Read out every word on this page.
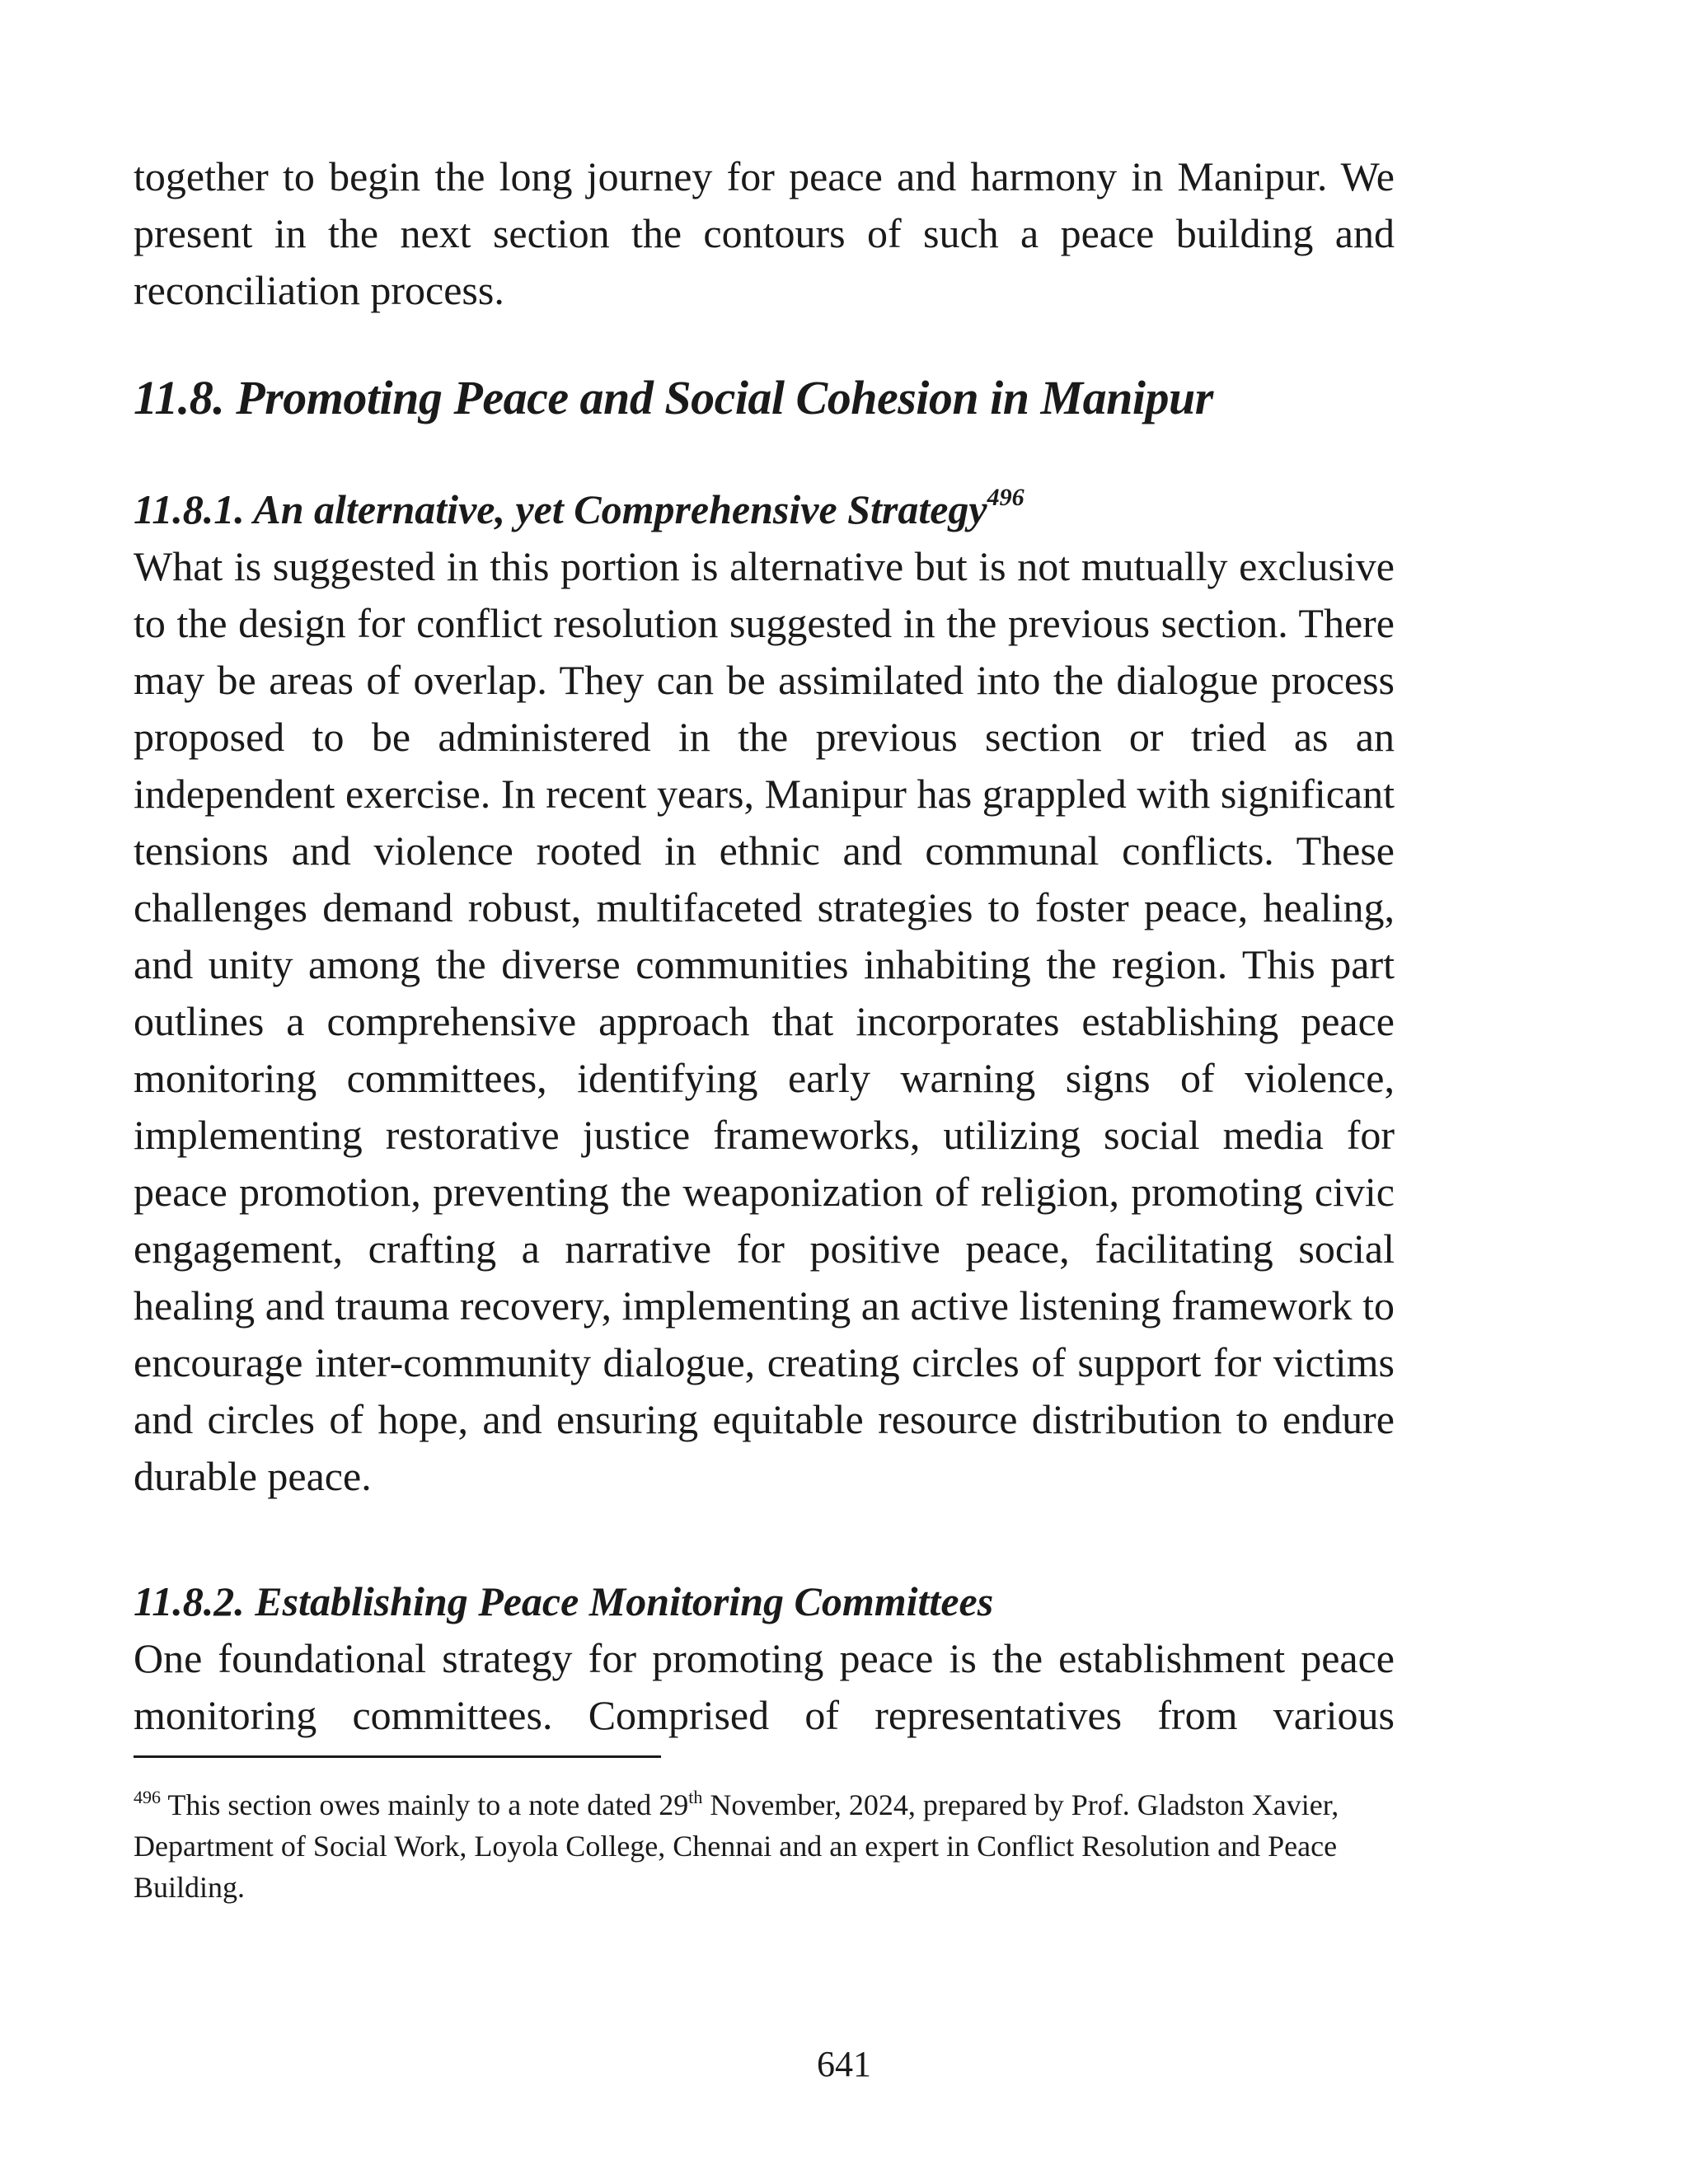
together to begin the long journey for peace and harmony in Manipur. We present in the next section the contours of such a peace building and reconciliation process.

11.8. Promoting Peace and Social Cohesion in Manipur
11.8.1. An alternative, yet Comprehensive Strategy$^{496}$

What is suggested in this portion is alternative but is not mutually exclusive to the design for conflict resolution suggested in the previous section. There may be areas of overlap. They can be assimilated into the dialogue process proposed to be administered in the previous section or tried as an independent exercise. In recent years, Manipur has grappled with significant tensions and violence rooted in ethnic and communal conflicts. These challenges demand robust, multifaceted strategies to foster peace, healing, and unity among the diverse communities inhabiting the region. This part outlines a comprehensive approach that incorporates establishing peace monitoring committees, identifying early warning signs of violence, implementing restorative justice frameworks, utilizing social media for peace promotion, preventing the weaponization of religion, promoting civic engagement, crafting a narrative for positive peace, facilitating social healing and trauma recovery, implementing an active listening framework to encourage inter-community dialogue, creating circles of support for victims and circles of hope, and ensuring equitable resource distribution to endure durable peace.

11.8.2. Establishing Peace Monitoring Committees

One foundational strategy for promoting peace is the establishment peace monitoring committees. Comprised of representatives from various

$^{496}$ This section owes mainly to a note dated 29th November, 2024, prepared by Prof. Gladston Xavier, Department of Social Work, Loyola College, Chennai and an expert in Conflict Resolution and Peace Building.

641
